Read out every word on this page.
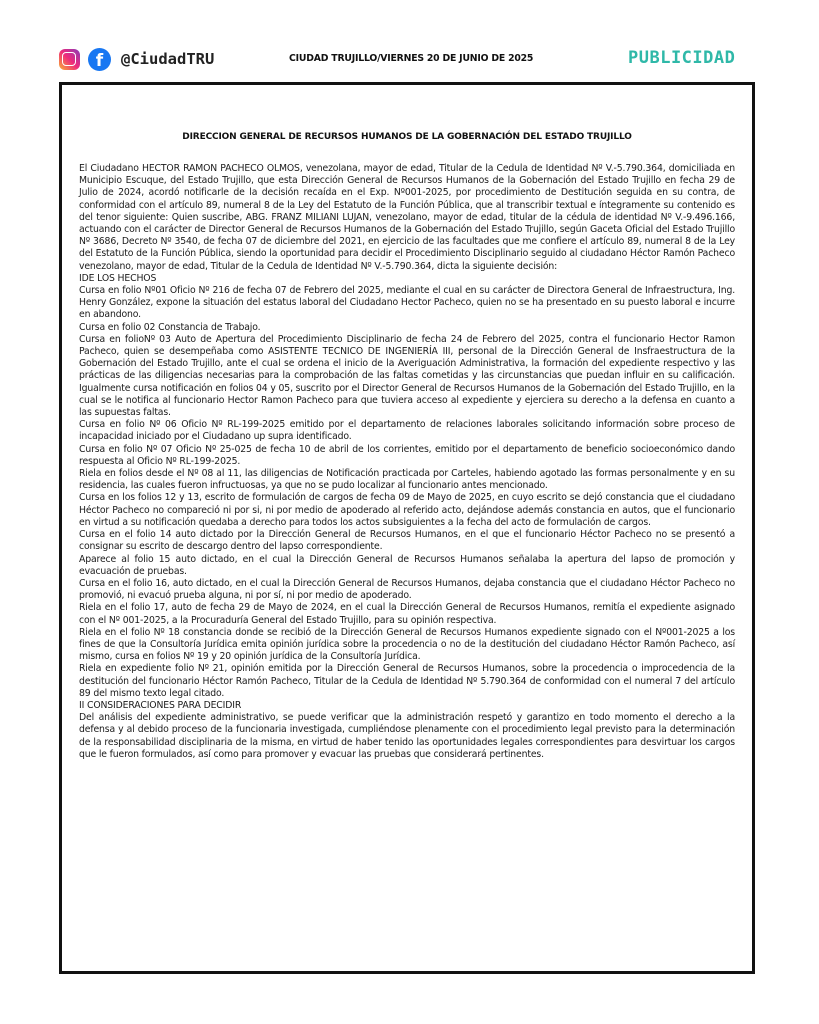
f	@CiudadTRU	CIUDAD TRUJILLO/VIERNES 20 DE JUNIO DE 2025	PUBLICIDAD
DIRECCION GENERAL DE RECURSOS HUMANOS DE LA GOBERNACIÓN DEL ESTADO TRUJILLO

El Ciudadano HECTOR RAMON PACHECO OLMOS, venezolana, mayor de edad, Titular de la Cedula de Identidad Nº V.-5.790.364, domiciliada en Municipio Escuque, del Estado Trujillo, que esta Dirección General de Recursos Humanos de la Gobernación del Estado Trujillo en fecha 29 de Julio de 2024, acordó notificarle de la decisión recaída en el Exp. Nº001-2025, por procedimiento de Destitución seguida en su contra, de conformidad con el artículo 89, numeral 8 de la Ley del Estatuto de la Función Pública, que al transcribir textual e íntegramente su contenido es del tenor siguiente: Quien suscribe, ABG. FRANZ MILIANI LUJAN, venezolano, mayor de edad, titular de la cédula de identidad Nº V.-9.496.166, actuando con el carácter de Director General de Recursos Humanos de la Gobernación del Estado Trujillo, según Gaceta Oficial del Estado Trujillo Nº 3686, Decreto Nº 3540, de fecha 07 de diciembre del 2021, en ejercicio de las facultades que me confiere el artículo 89, numeral 8 de la Ley del Estatuto de la Función Pública, siendo la oportunidad para decidir el Procedimiento Disciplinario seguido al ciudadano Héctor Ramón Pacheco venezolano, mayor de edad, Titular de la Cedula de Identidad Nº V.-5.790.364, dicta la siguiente decisión:

IDE LOS HECHOS

Cursa en folio Nº01 Oficio Nº 216 de fecha 07 de Febrero del 2025, mediante el cual en su carácter de Directora General de Infraestructura, Ing. Henry González, expone la situación del estatus laboral del Ciudadano Hector Pacheco, quien no se ha presentado en su puesto laboral e incurre en abandono.

Cursa en folio 02 Constancia de Trabajo.

Cursa en folioNº 03 Auto de Apertura del Procedimiento Disciplinario de fecha 24 de Febrero del 2025, contra el funcionario Hector Ramon Pacheco, quien se desempeñaba como ASISTENTE TECNICO DE INGENIERÍA III, personal de la Dirección General de Insfraestructura de la Gobernación del Estado Trujillo, ante el cual se ordena el inicio de la Averiguación Administrativa, la formación del expediente respectivo y las prácticas de las diligencias necesarias para la comprobación de las faltas cometidas y las circunstancias que puedan influir en su calificación. Igualmente cursa notificación en folios 04 y 05, suscrito por el Director General de Recursos Humanos de la Gobernación del Estado Trujillo, en la cual se le notifica al funcionario Hector Ramon Pacheco para que tuviera acceso al expediente y ejerciera su derecho a la defensa en cuanto a las supuestas faltas.

Cursa en folio Nº 06 Oficio Nº RL-199-2025 emitido por el departamento de relaciones laborales solicitando información sobre proceso de incapacidad iniciado por el Ciudadano up supra identificado.

Cursa en folio Nº 07 Oficio Nº 25-025 de fecha 10 de abril de los corrientes, emitido por el departamento de beneficio socioeconómico dando respuesta al Oficio Nº RL-199-2025.

Riela en folios desde el Nº 08 al 11, las diligencias de Notificación practicada por Carteles, habiendo agotado las formas personalmente y en su residencia, las cuales fueron infructuosas, ya que no se pudo localizar al funcionario antes mencionado.

Cursa en los folios 12 y 13, escrito de formulación de cargos de fecha 09 de Mayo de 2025, en cuyo escrito se dejó constancia que el ciudadano Héctor Pacheco no compareció ni por si, ni por medio de apoderado al referido acto, dejándose además constancia en autos, que el funcionario en virtud a su notificación quedaba a derecho para todos los actos subsiguientes a la fecha del acto de formulación de cargos.

Cursa en el folio 14 auto dictado por la Dirección General de Recursos Humanos, en el que el funcionario Héctor Pacheco no se presentó a consignar su escrito de descargo dentro del lapso correspondiente.

Aparece al folio 15 auto dictado, en el cual la Dirección General de Recursos Humanos señalaba la apertura del lapso de promoción y evacuación de pruebas.

Cursa en el folio 16, auto dictado, en el cual la Dirección General de Recursos Humanos, dejaba constancia que el ciudadano Héctor Pacheco no promovió, ni evacuó prueba alguna, ni por sí, ni por medio de apoderado.

Riela en el folio 17, auto de fecha 29 de Mayo de 2024, en el cual la Dirección General de Recursos Humanos, remitía el expediente asignado con el Nº 001-2025, a la Procuraduría General del Estado Trujillo, para su opinión respectiva.

Riela en el folio Nº 18 constancia donde se recibió de la Dirección General de Recursos Humanos expediente signado con el Nº001-2025 a los fines de que la Consultoría Jurídica emita opinión jurídica sobre la procedencia o no de la destitución del ciudadano Héctor Ramón Pacheco, así mismo, cursa en folios Nº 19 y 20 opinión jurídica de la Consultoría Jurídica.

Riela en expediente folio Nº 21, opinión emitida por la Dirección General de Recursos Humanos, sobre la procedencia o improcedencia de la destitución del funcionario Héctor Ramón Pacheco, Titular de la Cedula de Identidad Nº 5.790.364 de conformidad con el numeral 7 del artículo 89 del mismo texto legal citado.

II CONSIDERACIONES PARA DECIDIR

Del análisis del expediente administrativo, se puede verificar que la administración respetó y garantizo en todo momento el derecho a la defensa y al debido proceso de la funcionaria investigada, cumpliéndose plenamente con el procedimiento legal previsto para la determinación de la responsabilidad disciplinaria de la misma, en virtud de haber tenido las oportunidades legales correspondientes para desvirtuar los cargos que le fueron formulados, así como para promover y evacuar las pruebas que considerará pertinentes.
